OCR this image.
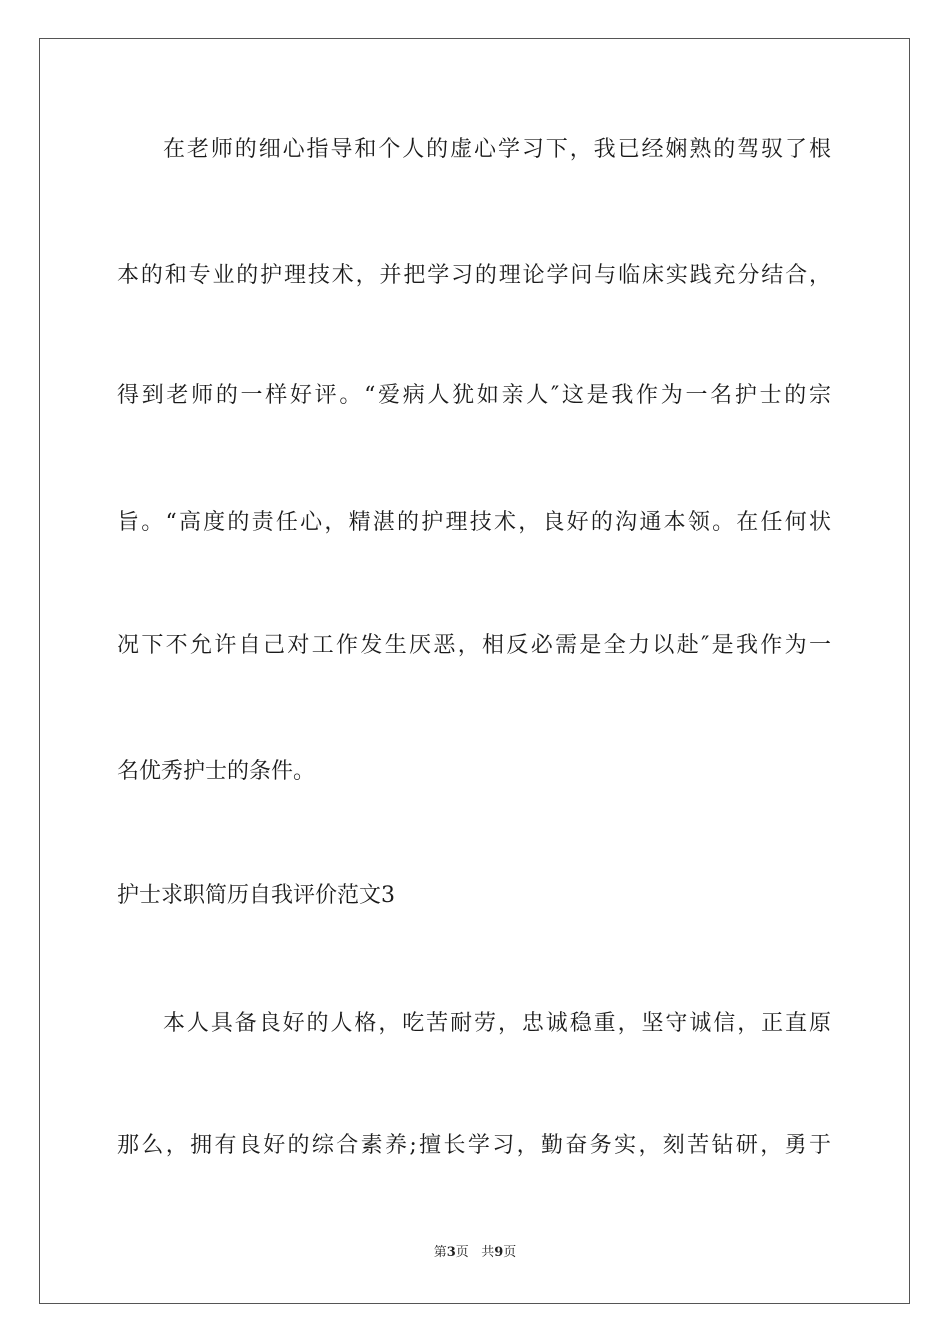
在老师的细心指导和个人的虚心学习下，我已经娴熟的驾驭了根
本的和专业的护理技术，并把学习的理论学问与临床实践充分结合，
得到老师的一样好评。“爱病人犹如亲人″这是我作为一名护士的宗
旨。“高度的责任心，精湛的护理技术，良好的沟通本领。在任何状
况下不允许自己对工作发生厌恶，相反必需是全力以赴″是我作为一
名优秀护士的条件。
护士求职简历自我评价范文3
本人具备良好的人格，吃苦耐劳，忠诚稳重，坚守诚信，正直原
那么，拥有良好的综合素养;擅长学习，勤奋务实，刻苦钻研，勇于
第3页 共9页
